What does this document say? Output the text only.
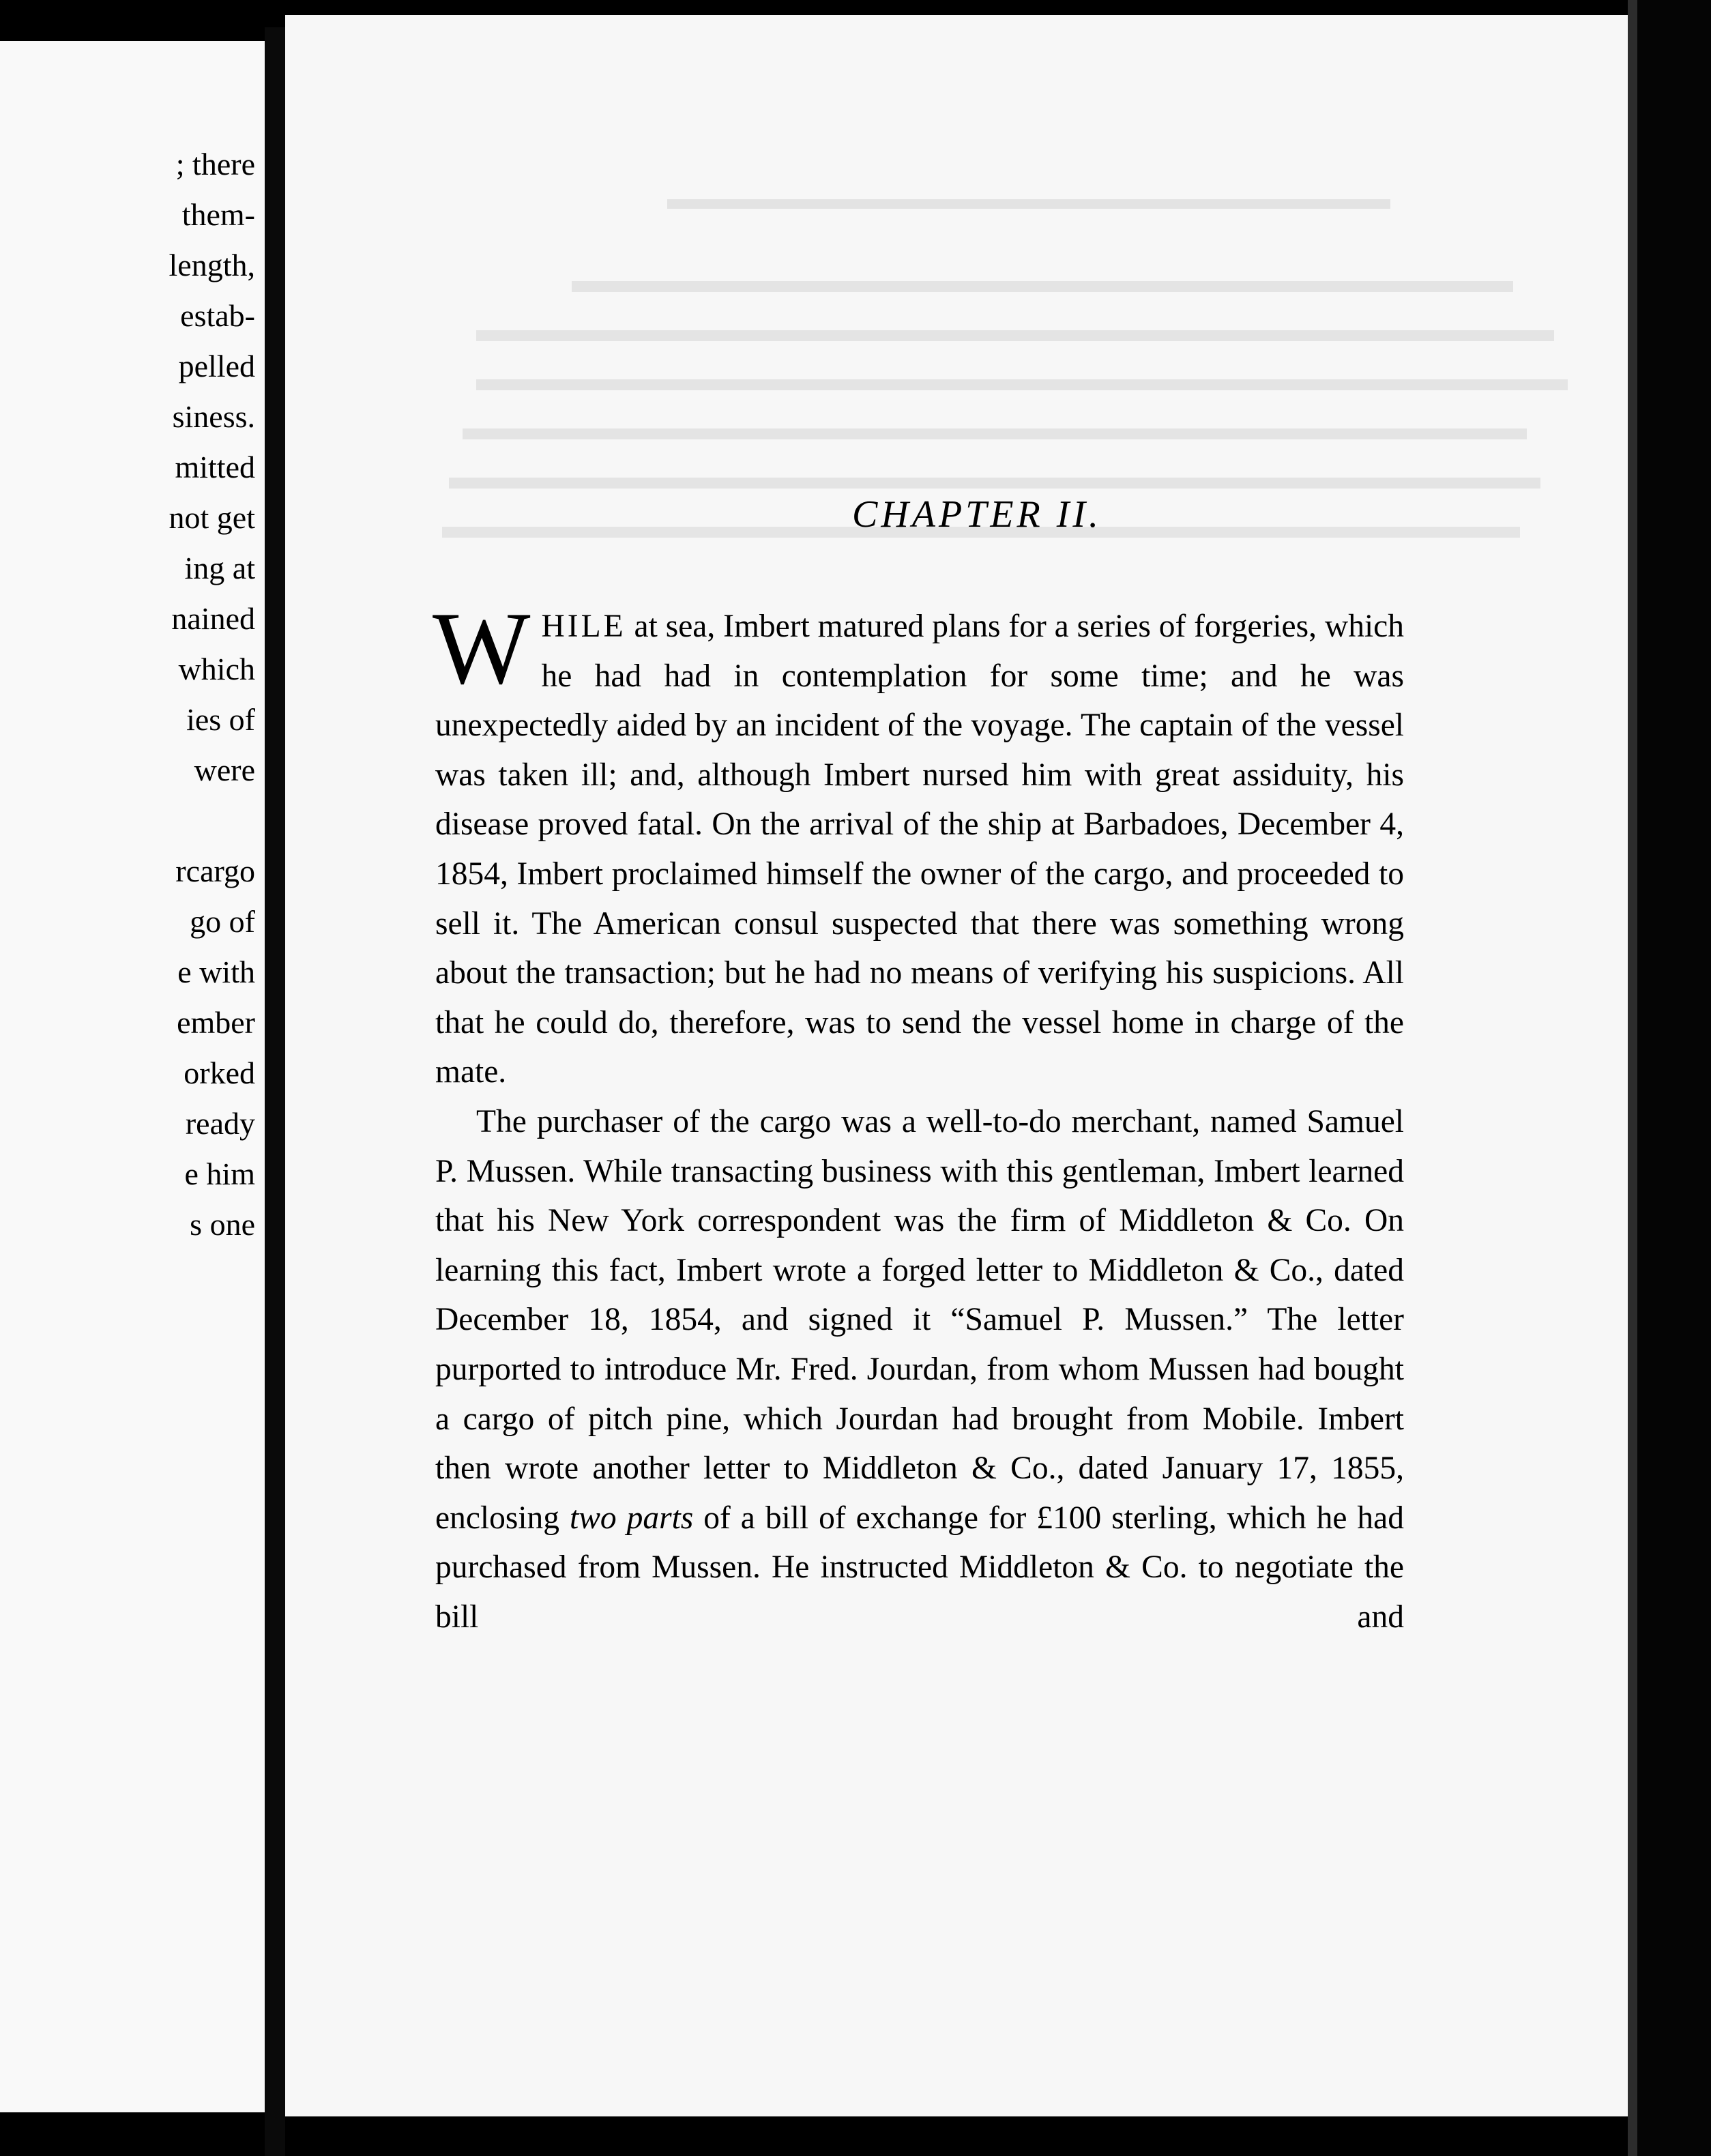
; there
them-
length,
estab-
pelled
siness.
mitted
not get
ing at
nained
which
ies of
were
rcargo
go of
e with
ember
orked
ready
e him
s one
CHAPTER II.

WHILE at sea, Imbert matured plans for a series of forgeries, which he had had in contemplation for some time; and he was unexpectedly aided by an incident of the voyage. The captain of the vessel was taken ill; and, although Imbert nursed him with great assiduity, his disease proved fatal. On the arrival of the ship at Barbadoes, December 4, 1854, Imbert proclaimed himself the owner of the cargo, and proceeded to sell it. The American consul suspected that there was something wrong about the transaction; but he had no means of verifying his suspicions. All that he could do, therefore, was to send the vessel home in charge of the mate.

The purchaser of the cargo was a well-to-do merchant, named Samuel P. Mussen. While transacting business with this gentleman, Imbert learned that his New York correspondent was the firm of Middleton & Co. On learning this fact, Imbert wrote a forged letter to Middleton & Co., dated December 18, 1854, and signed it “Samuel P. Mussen.” The letter purported to introduce Mr. Fred. Jourdan, from whom Mussen had bought a cargo of pitch pine, which Jourdan had brought from Mobile. Imbert then wrote another letter to Middleton & Co., dated January 17, 1855, enclosing two parts of a bill of exchange for £100 sterling, which he had purchased from Mussen. He instructed Middleton & Co. to negotiate the bill and
